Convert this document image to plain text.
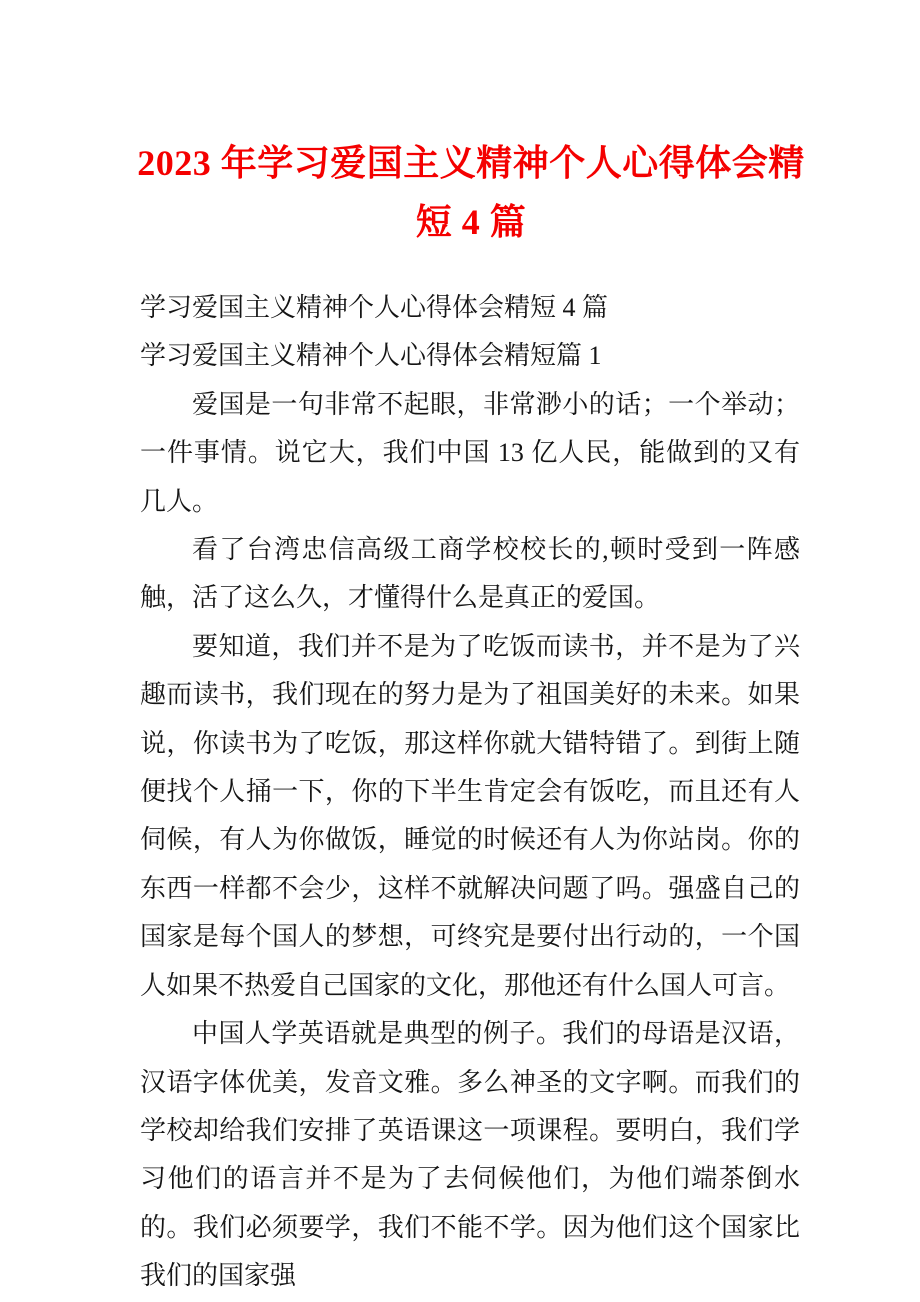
2023 年学习爱国主义精神个人心得体会精短 4 篇

学习爱国主义精神个人心得体会精短 4 篇

学习爱国主义精神个人心得体会精短篇 1

爱国是一句非常不起眼，非常渺小的话；一个举动；一件事情。说它大，我们中国 13 亿人民，能做到的又有几人。

看了台湾忠信高级工商学校校长的,顿时受到一阵感触，活了这么久，才懂得什么是真正的爱国。

要知道，我们并不是为了吃饭而读书，并不是为了兴趣而读书，我们现在的努力是为了祖国美好的未来。如果说，你读书为了吃饭，那这样你就大错特错了。到街上随便找个人捅一下，你的下半生肯定会有饭吃，而且还有人伺候，有人为你做饭，睡觉的时候还有人为你站岗。你的东西一样都不会少，这样不就解决问题了吗。强盛自己的国家是每个国人的梦想，可终究是要付出行动的，一个国人如果不热爱自己国家的文化，那他还有什么国人可言。

中国人学英语就是典型的例子。我们的母语是汉语，汉语字体优美，发音文雅。多么神圣的文字啊。而我们的学校却给我们安排了英语课这一项课程。要明白，我们学习他们的语言并不是为了去伺候他们，为他们端茶倒水的。我们必须要学，我们不能不学。因为他们这个国家比我们的国家强
